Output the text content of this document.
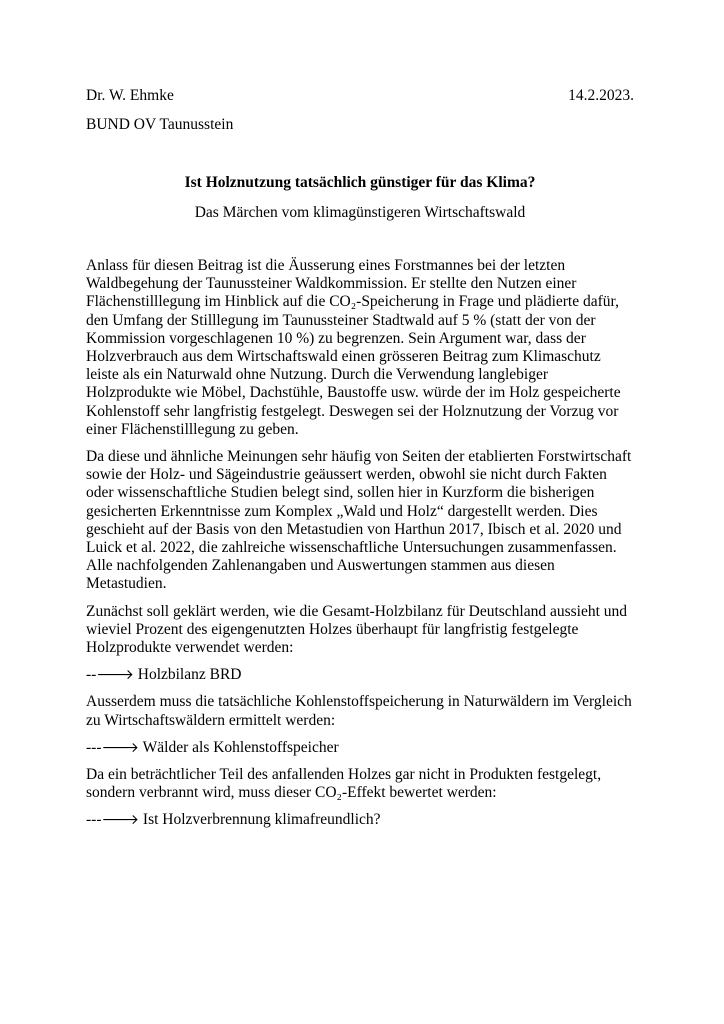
Dr. W. Ehmke	14.2.2023.
BUND OV Taunusstein
Ist Holznutzung tatsächlich günstiger für das Klima?
Das Märchen vom klimagünstigeren Wirtschaftswald

Anlass für diesen Beitrag ist die Äusserung eines Forstmannes bei der letzten Waldbegehung der Taunussteiner Waldkommission. Er stellte den Nutzen einer Flächenstilllegung im Hinblick auf die CO₂-Speicherung in Frage und plädierte dafür, den Umfang der Stilllegung im Taunussteiner Stadtwald auf 5 % (statt der von der Kommission vorgeschlagenen 10 %) zu begrenzen. Sein Argument war, dass der Holzverbrauch aus dem Wirtschaftswald einen grösseren Beitrag zum Klimaschutz leiste als ein Naturwald ohne Nutzung. Durch die Verwendung langlebiger Holzprodukte wie Möbel, Dachstühle, Baustoffe usw. würde der im Holz gespeicherte Kohlenstoff sehr langfristig festgelegt. Deswegen sei der Holznutzung der Vorzug vor einer Flächenstilllegung zu geben.

Da diese und ähnliche Meinungen sehr häufig von Seiten der etablierten Forstwirtschaft sowie der Holz- und Sägeindustrie geäussert werden, obwohl sie nicht durch Fakten oder wissenschaftliche Studien belegt sind, sollen hier in Kurzform die bisherigen gesicherten Erkenntnisse zum Komplex „Wald und Holz“ dargestellt werden. Dies geschieht auf der Basis von den Metastudien von Harthun 2017, Ibisch et al. 2020 und Luick et al. 2022, die zahlreiche wissenschaftliche Untersuchungen zusammenfassen. Alle nachfolgenden Zahlenangaben und Auswertungen stammen aus diesen Metastudien.

Zunächst soll geklärt werden, wie die Gesamt-Holzbilanz für Deutschland aussieht und wieviel Prozent des eigengenutzten Holzes überhaupt für langfristig festgelegte Holzprodukte verwendet werden:

--🡒 Holzbilanz BRD

Ausserdem muss die tatsächliche Kohlenstoffspeicherung in Naturwäldern im Vergleich zu Wirtschaftswäldern ermittelt werden:

---🡒 Wälder als Kohlenstoffspeicher

Da ein beträchtlicher Teil des anfallenden Holzes gar nicht in Produkten festgelegt, sondern verbrannt wird, muss dieser CO₂-Effekt bewertet werden:

---🡒 Ist Holzverbrennung klimafreundlich?
